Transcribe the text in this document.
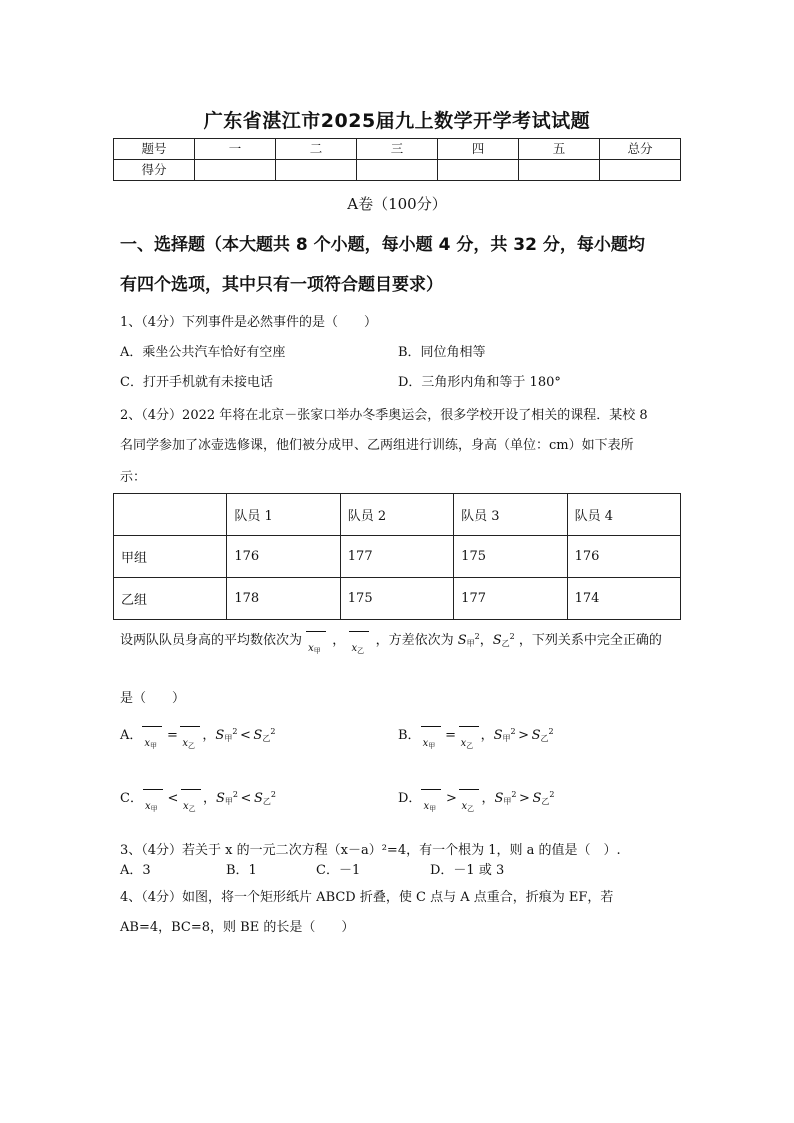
广东省湛江市2025届九上数学开学考试试题
题号	一	二	三	四	五	总分
得分						
A卷（100分）
一、选择题（本大题共 8 个小题，每小题 4 分，共 32 分，每小题均
有四个选项，其中只有一项符合题目要求）
1、（4分）下列事件是必然事件的是（　　）
A．乘坐公共汽车恰好有空座	B．同位角相等
C．打开手机就有未接电话	D．三角形内角和等于 180°
2、（4分）2022 年将在北京－张家口举办冬季奥运会，很多学校开设了相关的课程．某校 8
名同学参加了冰壶选修课，他们被分成甲、乙两组进行训练，身高（单位：cm）如下表所
示：
	队员 1	队员 2	队员 3	队员 4
甲组	176	177	175	176
乙组	178	175	177	174
设两队队员身高的平均数依次为
$x_甲$
，
$x_乙$
，方差依次为 $S_甲^2$，$S_乙^2$ ，下列关系中完全正确的
是（　　）
A．
$x_甲$
=
$x_乙$
，$S_甲^2 < S_乙^2$	B．
$x_甲$
=
$x_乙$
，$S_甲^2 > S_乙^2$
C．
$x_甲$
<
$x_乙$
，$S_甲^2 < S_乙^2$	D．
$x_甲$
>
$x_乙$
，$S_甲^2 > S_乙^2$
3、（4分）若关于 x 的一元二次方程（x－a）²=4，有一个根为 1，则 a 的值是（　）.
A．3	B．1	C．－1	D．－1 或 3
4、（4分）如图，将一个矩形纸片 ABCD 折叠，使 C 点与 A 点重合，折痕为 EF，若
AB=4，BC=8，则 BE 的长是（　　）
